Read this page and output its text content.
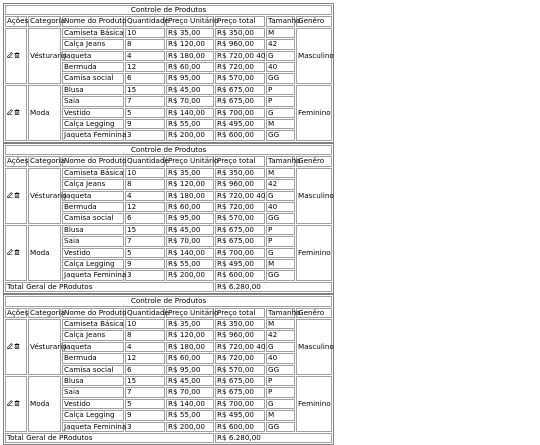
Controle de Produtos							
Ações	Categoria	Nome do Produto	Quantidade	Preço Unitário	Preço total	Tamanho	Genêro

	Vésturario	Camiseta Básica	10	R$ 35,00	R$ 350,00	M	Masculino
		Calça Jeans	8	R$ 120,00	R$ 960,00	42	
		Jaqueta	4	R$ 180,00	R$ 720,00 40	G	
		Bermuda	12	R$ 60,00	R$ 720,00	40	
		Camisa social	6	R$ 95,00	R$ 570,00	GG	

	Moda	Blusa	15	R$ 45,00	R$ 675,00	P	Feminino
		Saia	7	R$ 70,00	R$ 675,00	P	
		Vestido	5	R$ 140,00	R$ 700,00	G	
		Calça Legging	9	R$ 55,00	R$ 495,00	M	
		Jaqueta Feminina	3	R$ 200,00	R$ 600,00	GG	
Controle de Produtos							
Ações	Categoria	Nome do Produto	Quantidade	Preço Unitário	Preço total	Tamanho	Genêro

	Vésturario	Camiseta Básica	10	R$ 35,00	R$ 350,00	M	Masculino
		Calça Jeans	8	R$ 120,00	R$ 960,00	42	
		Jaqueta	4	R$ 180,00	R$ 720,00 40	G	
		Bermuda	12	R$ 60,00	R$ 720,00	40	
		Camisa social	6	R$ 95,00	R$ 570,00	GG	

	Moda	Blusa	15	R$ 45,00	R$ 675,00	P	Feminino
		Saia	7	R$ 70,00	R$ 675,00	P	
		Vestido	5	R$ 140,00	R$ 700,00	G	
		Calça Legging	9	R$ 55,00	R$ 495,00	M	
		Jaqueta Feminina	3	R$ 200,00	R$ 600,00	GG	
Total Geral de PRodutos					R$ 6.280,00		
Controle de Produtos							
Ações	Categoria	Nome do Produto	Quantidade	Preço Unitário	Preço total	Tamanho	Genêro

	Vésturario	Camiseta Básica	10	R$ 35,00	R$ 350,00	M	Masculino
		Calça Jeans	8	R$ 120,00	R$ 960,00	42	
		Jaqueta	4	R$ 180,00	R$ 720,00 40	G	
		Bermuda	12	R$ 60,00	R$ 720,00	40	
		Camisa social	6	R$ 95,00	R$ 570,00	GG	

	Moda	Blusa	15	R$ 45,00	R$ 675,00	P	Feminino
		Saia	7	R$ 70,00	R$ 675,00	P	
		Vestido	5	R$ 140,00	R$ 700,00	G	
		Calça Legging	9	R$ 55,00	R$ 495,00	M	
		Jaqueta Feminina	3	R$ 200,00	R$ 600,00	GG	
Total Geral de PRodutos					R$ 6.280,00		
